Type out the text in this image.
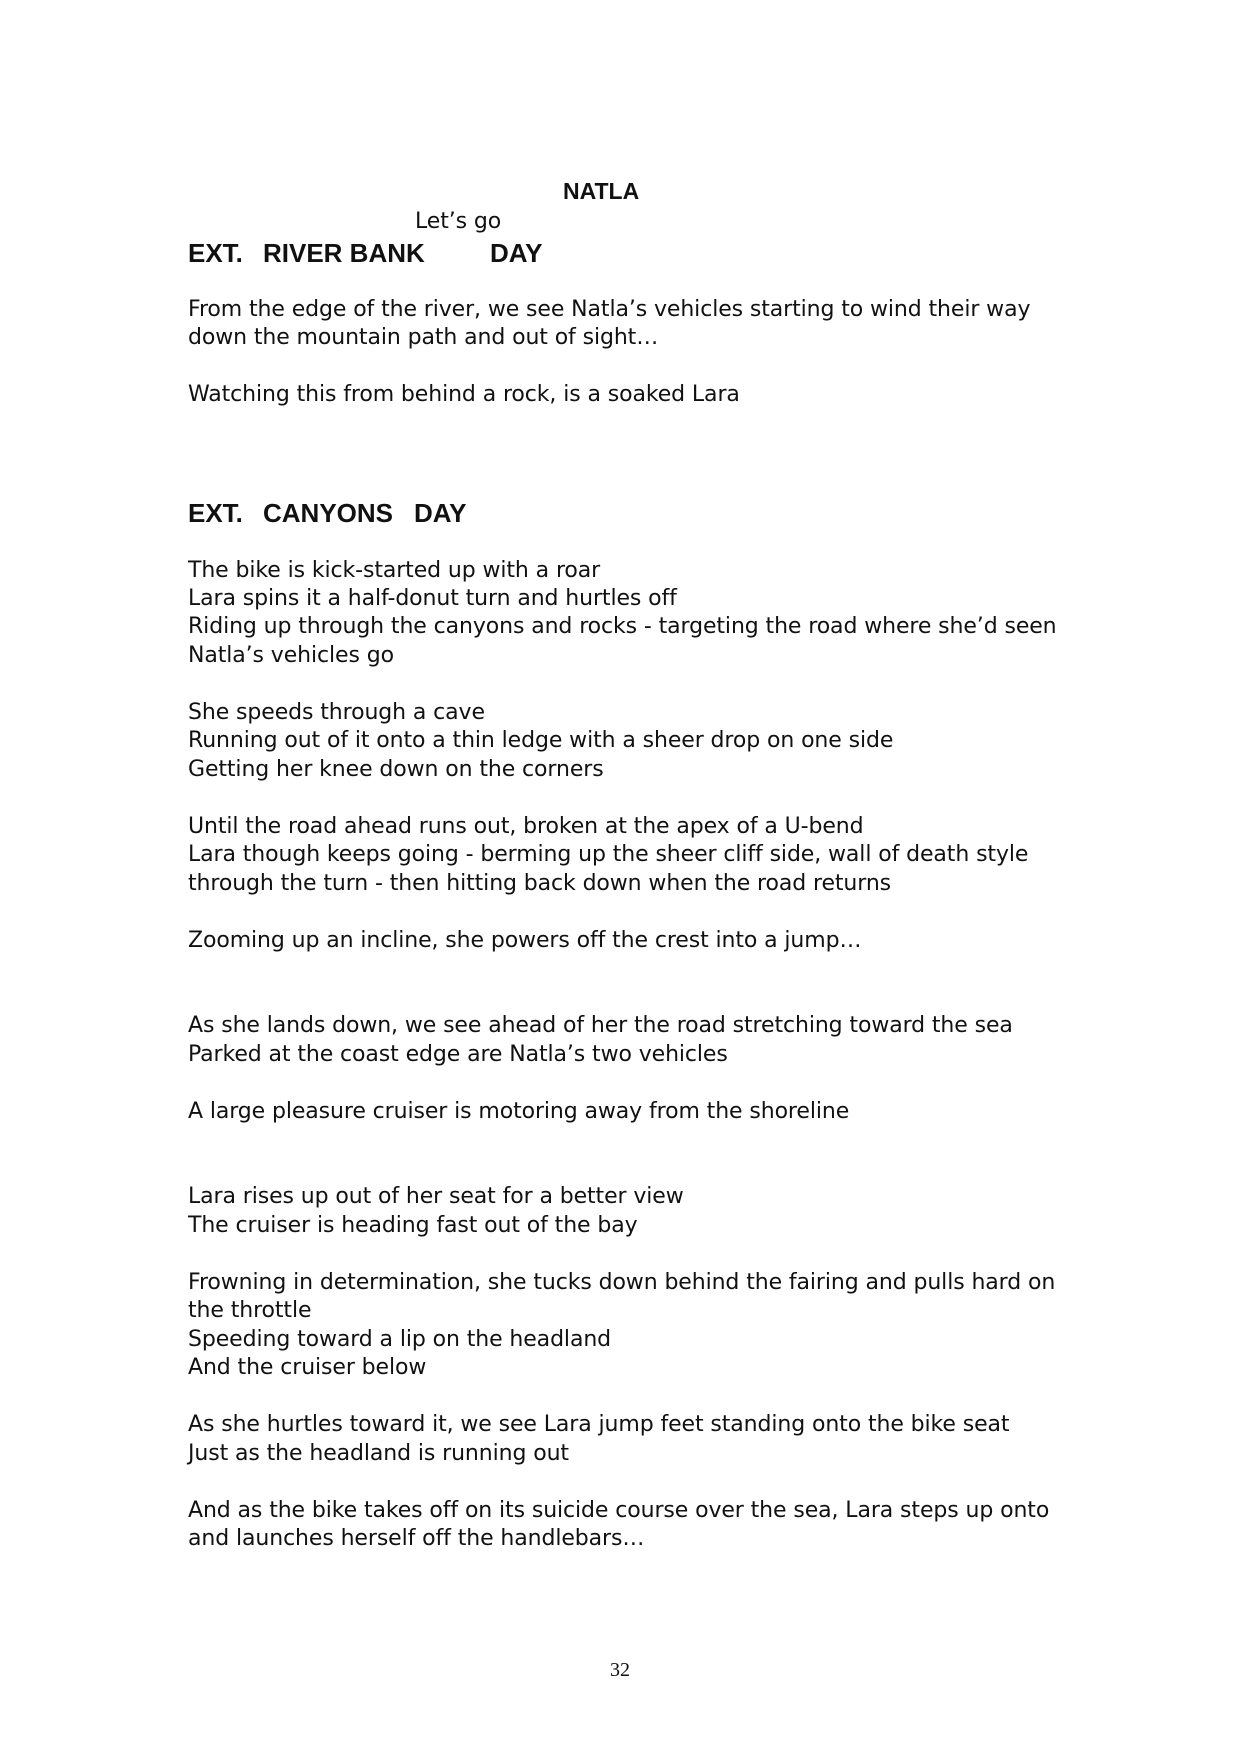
NATLA
Let’s go
EXT. RIVER BANK	DAY
From the edge of the river, we see Natla’s vehicles starting to wind their way
down the mountain path and out of sight…
Watching this from behind a rock, is a soaked Lara
EXT. CANYONS DAY
The bike is kick-started up with a roar
Lara spins it a half-donut turn and hurtles off
Riding up through the canyons and rocks - targeting the road where she’d seen
Natla’s vehicles go
She speeds through a cave
Running out of it onto a thin ledge with a sheer drop on one side
Getting her knee down on the corners
Until the road ahead runs out, broken at the apex of a U-bend
Lara though keeps going - berming up the sheer cliff side, wall of death style
through the turn - then hitting back down when the road returns
Zooming up an incline, she powers off the crest into a jump…
As she lands down, we see ahead of her the road stretching toward the sea
Parked at the coast edge are Natla’s two vehicles
A large pleasure cruiser is motoring away from the shoreline
Lara rises up out of her seat for a better view
The cruiser is heading fast out of the bay
Frowning in determination, she tucks down behind the fairing and pulls hard on
the throttle
Speeding toward a lip on the headland
And the cruiser below
As she hurtles toward it, we see Lara jump feet standing onto the bike seat
Just as the headland is running out
And as the bike takes off on its suicide course over the sea, Lara steps up onto
and launches herself off the handlebars…
32
